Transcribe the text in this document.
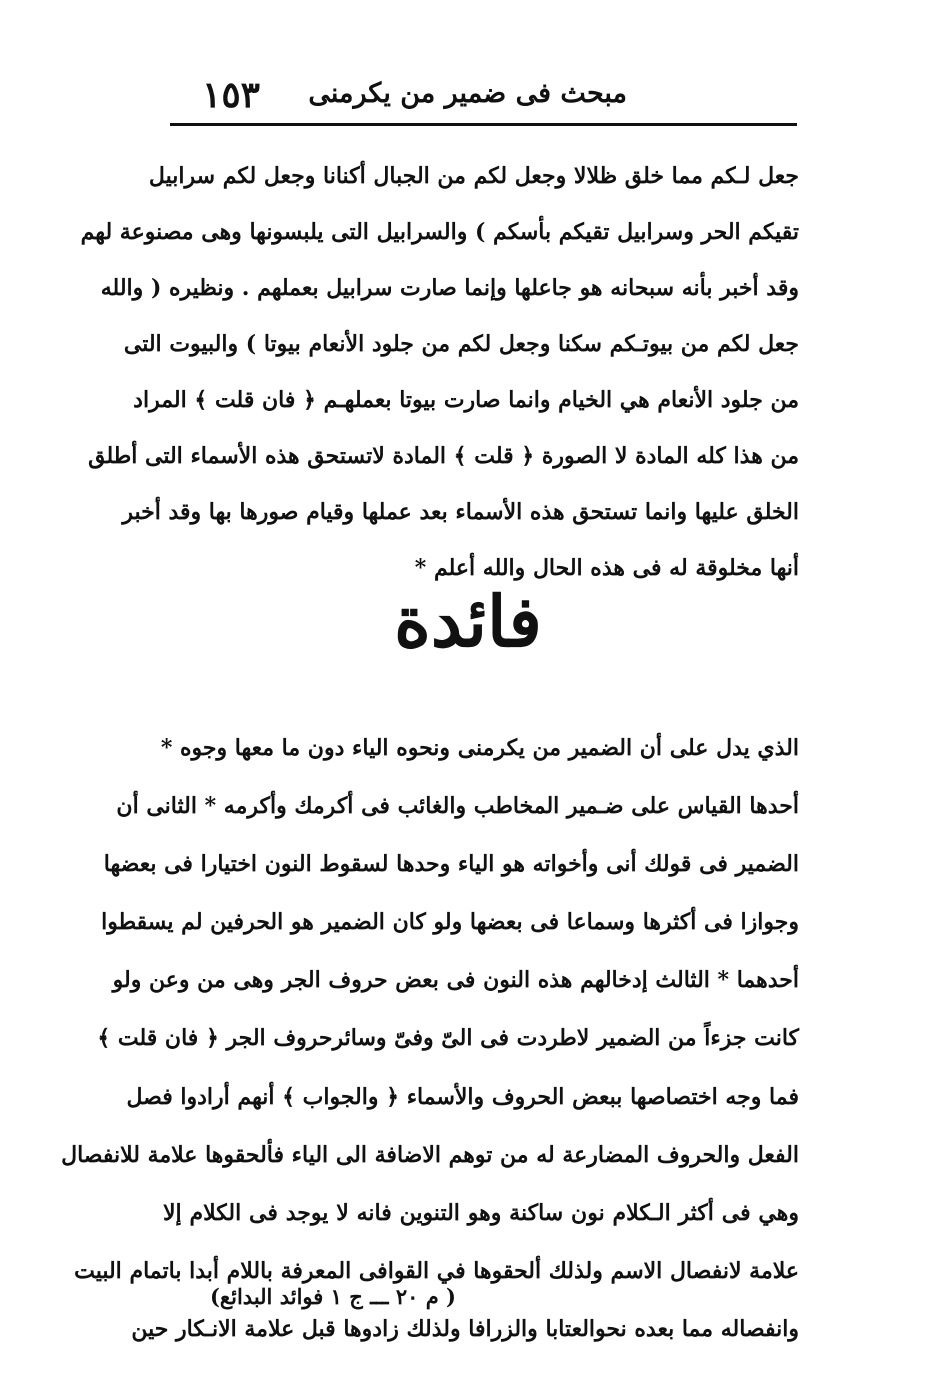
مبحث فى ضمير من يكرمنى
١٥٣
جعل لـكم مما خلق ظلالا وجعل لكم من الجبال أكنانا وجعل لكم سرابيل
تقيكم الحر وسرابيل تقيكم بأسكم ) والسرابيل التى يلبسونها وهى مصنوعة لهم
وقد أخبر بأنه سبحانه هو جاعلها وإنما صارت سرابيل بعملهم . ونظيره ( والله
جعل لكم من بيوتـكم سكنا وجعل لكم من جلود الأنعام بيوتا ) والبيوت التى
من جلود الأنعام هي الخيام وانما صارت بيوتا بعملهـم ﴿ فان قلت ﴾ المراد
من هذا كله المادة لا الصورة ﴿ قلت ﴾ المادة لاتستحق هذه الأسماء التى أطلق
الخلق عليها وانما تستحق هذه الأسماء بعد عملها وقيام صورها بها وقد أخبر
أنها مخلوقة له فى هذه الحال والله أعلم *
فائدة
الذي يدل على أن الضمير من يكرمنى ونحوه الياء دون ما معها وجوه *
أحدها القياس على ضـمير المخاطب والغائب فى أكرمك وأكرمه * الثانى أن
الضمير فى قولك أنى وأخواته هو الياء وحدها لسقوط النون اختيارا فى بعضها
وجوازا فى أكثرها وسماعا فى بعضها ولو كان الضمير هو الحرفين لم يسقطوا
أحدهما * الثالث إدخالهم هذه النون فى بعض حروف الجر وهى من وعن ولو
كانت جزءاً من الضمير لاطردت فى الىّ وفىّ وسائرحروف الجر ﴿ فان قلت ﴾
فما وجه اختصاصها ببعض الحروف والأسماء ﴿ والجواب ﴾ أنهم أرادوا فصل
الفعل والحروف المضارعة له من توهم الاضافة الى الياء فألحقوها علامة للانفصال
وهي فى أكثر الـكلام نون ساكنة وهو التنوين فانه لا يوجد فى الكلام إلا
علامة لانفصال الاسم ولذلك ألحقوها في القوافى المعرفة باللام أبدا باتمام البيت
وانفصاله مما بعده نحوالعتابا والزرافا ولذلك زادوها قبل علامة الانـكار حين
( م ٢٠ ـــ ج ١ فوائد البدائع)
